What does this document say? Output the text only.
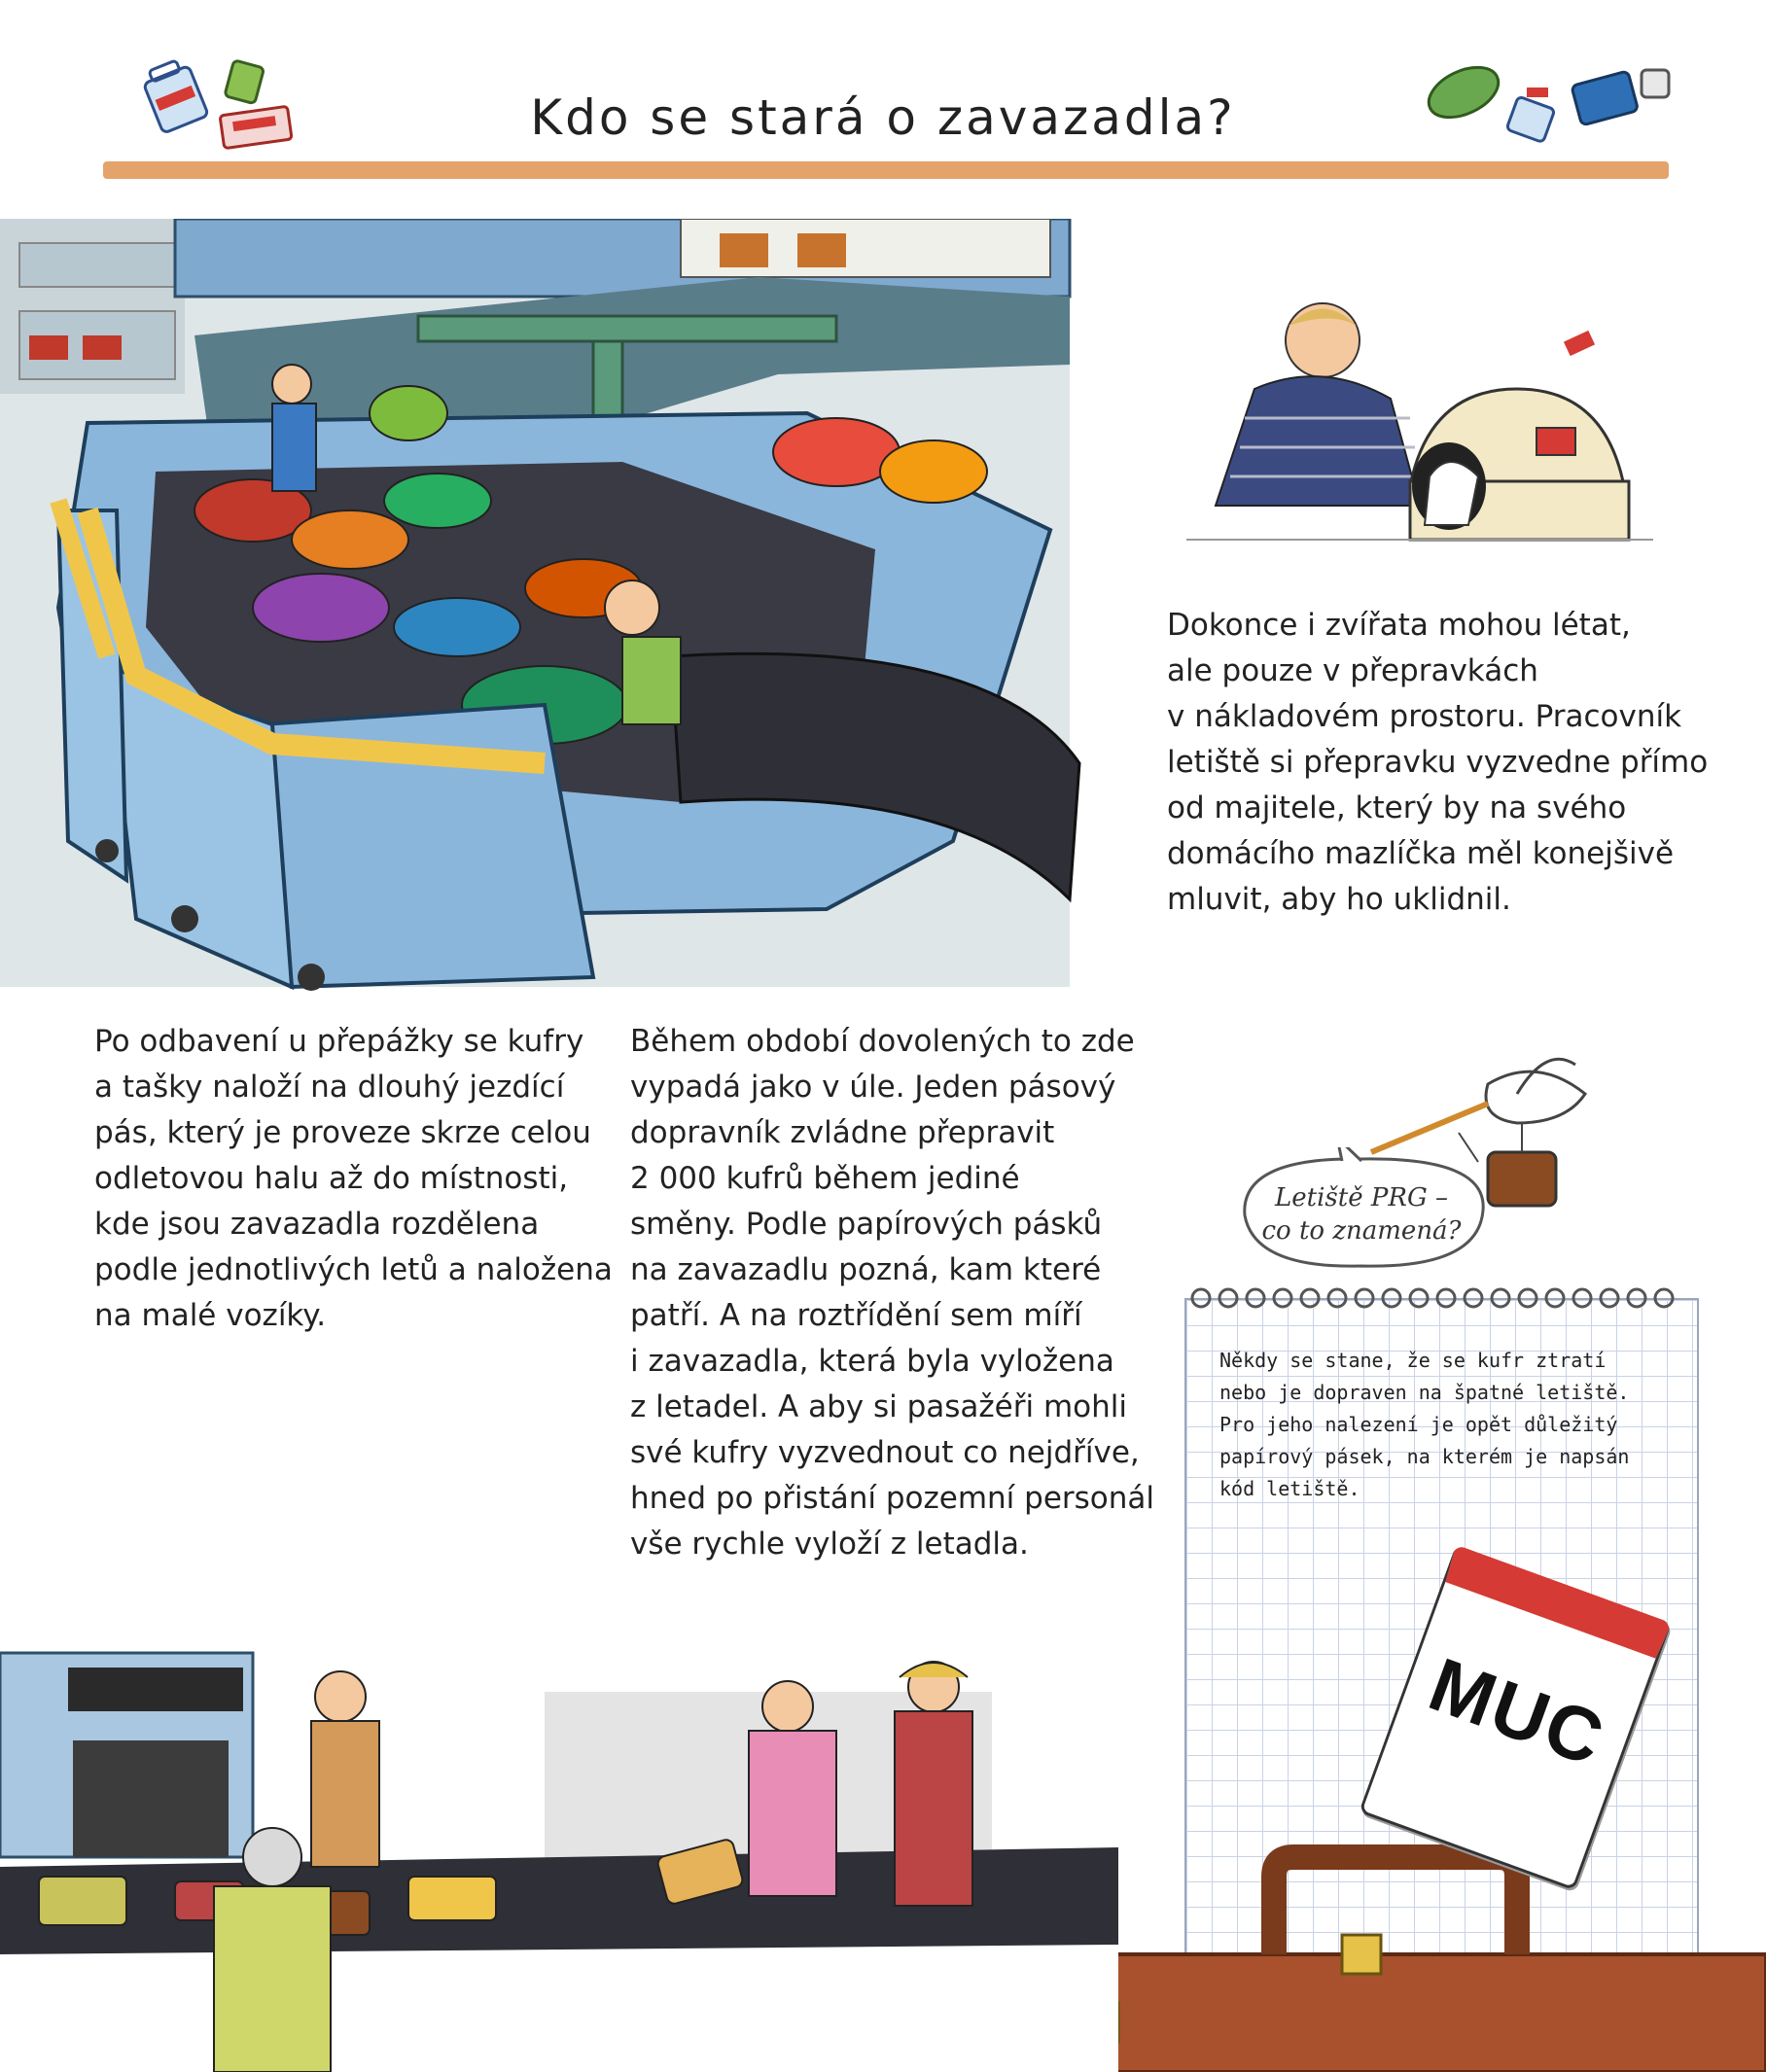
Kdo se stará o zavazadla?
Dokonce i zvířata mohou létat,
ale pouze v přepravkách
v nákladovém prostoru. Pracovník
letiště si přepravku vyzvedne přímo
od majitele, který by na svého
domácího mazlíčka měl konejšivě
mluvit, aby ho uklidnil.
Po odbavení u přepážky se kufry
a tašky naloží na dlouhý jezdící
pás, který je proveze skrze celou
odletovou halu až do místnosti,
kde jsou zavazadla rozdělena
podle jednotlivých letů a naložena
na malé vozíky.
Během období dovolených to zde
vypadá jako v úle. Jeden pásový
dopravník zvládne přepravit
2 000 kufrů během jediné
směny. Podle papírových pásků
na zavazadlu pozná, kam které
patří. A na roztřídění sem míří
i zavazadla, která byla vyložena
z letadel. A aby si pasažéři mohli
své kufry vyzvednout co nejdříve,
hned po přistání pozemní personál
vše rychle vyloží z letadla.
Letiště PRG –
co to znamená?
Někdy se stane, že se kufr ztratí
nebo je dopraven na špatné letiště.
Pro jeho nalezení je opět důležitý
papírový pásek, na kterém je napsán
kód letiště.
MUC
